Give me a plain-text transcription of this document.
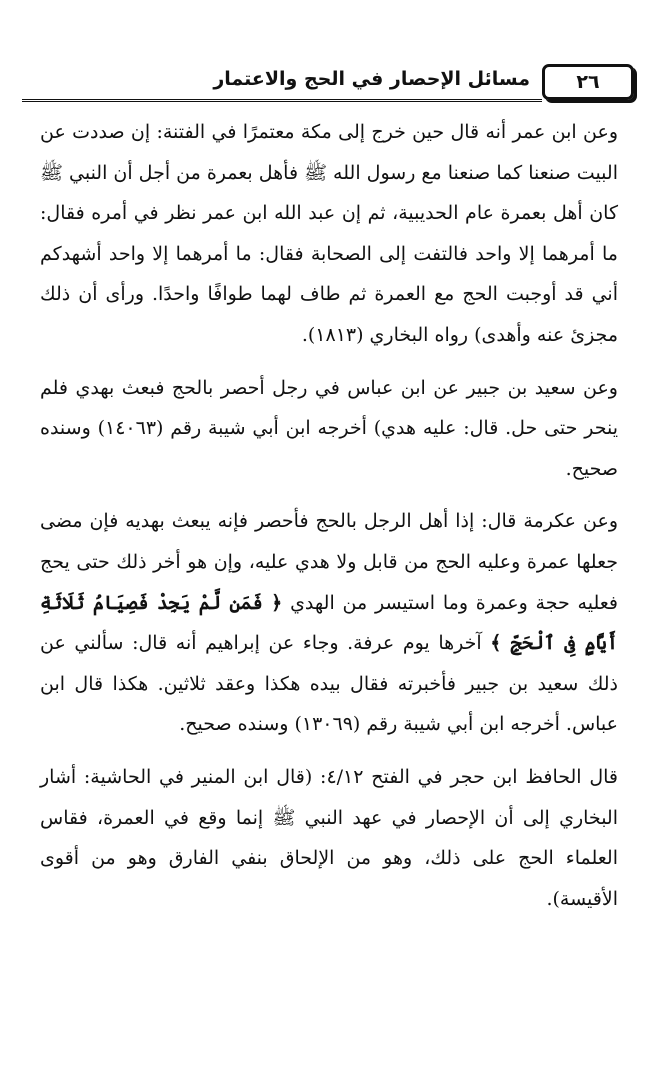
مسائل الإحصار في الحج والاعتمار ٢٦

وعن ابن عمر أنه قال حين خرج إلى مكة معتمرًا في الفتنة: إن صددت عن البيت صنعنا كما صنعنا مع رسول الله ﷺ فأهل بعمرة من أجل أن النبي ﷺ كان أهل بعمرة عام الحديبية، ثم إن عبد الله ابن عمر نظر في أمره فقال: ما أمرهما إلا واحد فالتفت إلى الصحابة فقال: ما أمرهما إلا واحد أشهدكم أني قد أوجبت الحج مع العمرة ثم طاف لهما طوافًا واحدًا. ورأى أن ذلك مجزئ عنه وأهدى) رواه البخاري (١٨١٣).

وعن سعيد بن جبير عن ابن عباس في رجل أحصر بالحج فبعث بهدي فلم ينحر حتى حل. قال: عليه هدي) أخرجه ابن أبي شيبة رقم (١٤٠٦٣) وسنده صحيح.

وعن عكرمة قال: إذا أهل الرجل بالحج فأحصر فإنه يبعث بهديه فإن مضى جعلها عمرة وعليه الحج من قابل ولا هدي عليه، وإن هو أخر ذلك حتى يحج فعليه حجة وعمرة وما استيسر من الهدي ﴿ فَمَن لَّمْ يَجِدْ فَصِيَامُ ثَلَاثَةِ أَيَّامٍ فِى ٱلْحَجِّ ﴾ آخرها يوم عرفة. وجاء عن إبراهيم أنه قال: سألني عن ذلك سعيد بن جبير فأخبرته فقال بيده هكذا وعقد ثلاثين. هكذا قال ابن عباس. أخرجه ابن أبي شيبة رقم (١٣٠٦٩) وسنده صحيح.

قال الحافظ ابن حجر في الفتح ٤/١٢: (قال ابن المنير في الحاشية: أشار البخاري إلى أن الإحصار في عهد النبي ﷺ إنما وقع في العمرة، فقاس العلماء الحج على ذلك، وهو من الإلحاق بنفي الفارق وهو من أقوى الأقيسة).
